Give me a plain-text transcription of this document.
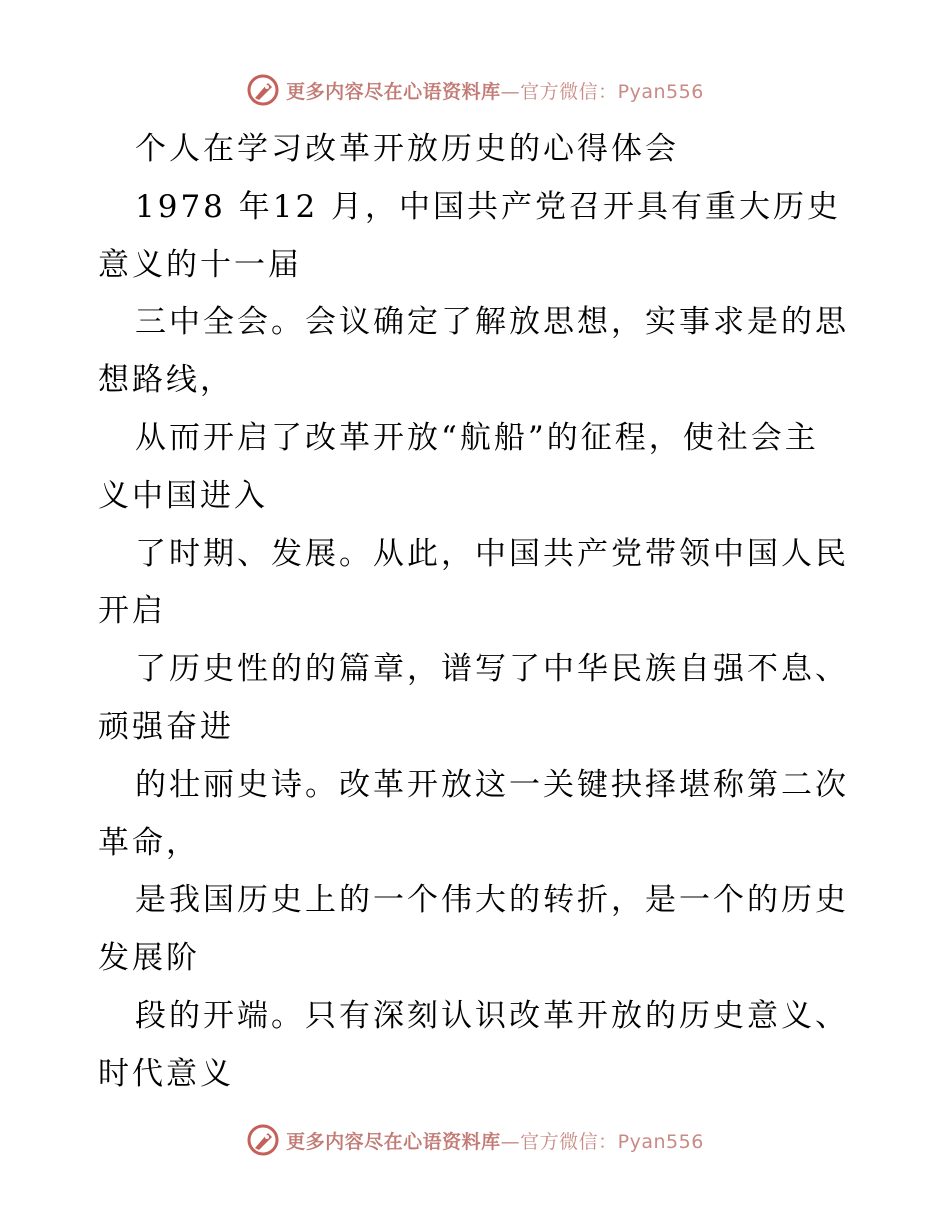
更多内容尽在心语资料库—官方微信：Pyan556
个人在学习改革开放历史的心得体会
1978 年12 月，中国共产党召开具有重大历史
意义的十一届
三中全会。会议确定了解放思想，实事求是的思
想路线，
从而开启了改革开放“航船”的征程，使社会主
义中国进入
了时期、发展。从此，中国共产党带领中国人民
开启
了历史性的的篇章，谱写了中华民族自强不息、
顽强奋进
的壮丽史诗。改革开放这一关键抉择堪称第二次
革命，
是我国历史上的一个伟大的转折，是一个的历史
发展阶
段的开端。只有深刻认识改革开放的历史意义、
时代意义
更多内容尽在心语资料库—官方微信：Pyan556
